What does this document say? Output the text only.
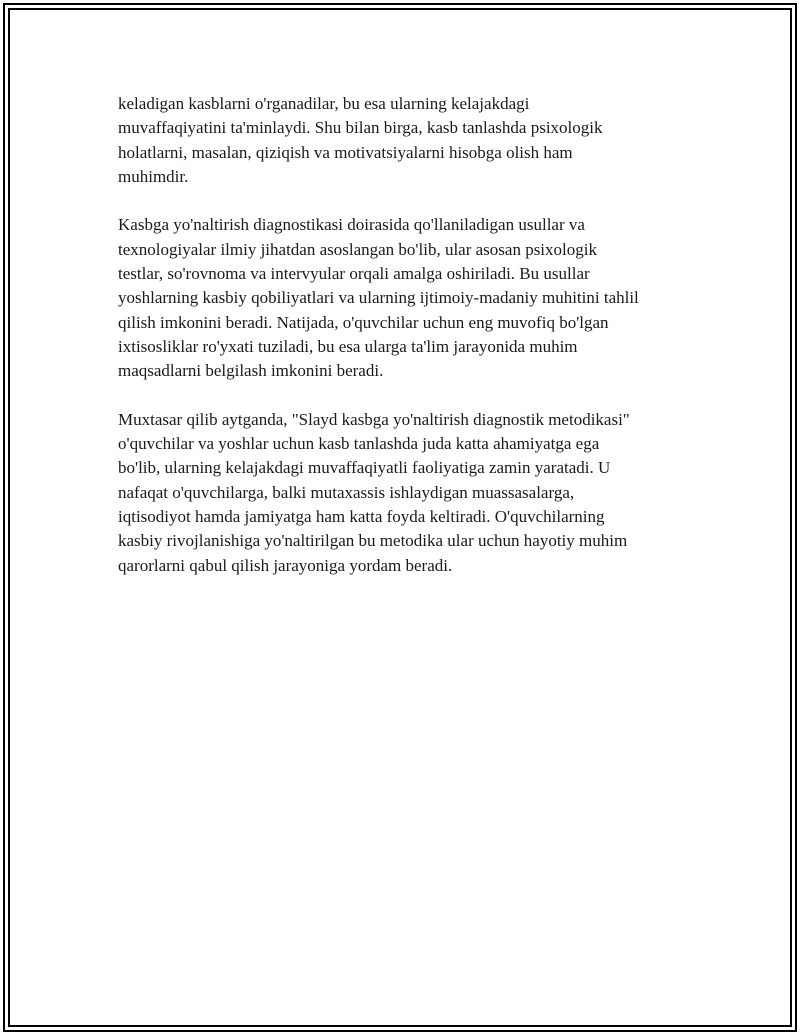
keladigan kasblarni o'rganadilar, bu esa ularning kelajakdagi
muvaffaqiyatini ta'minlaydi. Shu bilan birga, kasb tanlashda psixologik
holatlarni, masalan, qiziqish va motivatsiyalarni hisobga olish ham
muhimdir.

Kasbga yo'naltirish diagnostikasi doirasida qo'llaniladigan usullar va
texnologiyalar ilmiy jihatdan asoslangan bo'lib, ular asosan psixologik
testlar, so'rovnoma va intervyular orqali amalga oshiriladi. Bu usullar
yoshlarning kasbiy qobiliyatlari va ularning ijtimoiy-madaniy muhitini tahlil
qilish imkonini beradi. Natijada, o'quvchilar uchun eng muvofiq bo'lgan
ixtisosliklar ro'yxati tuziladi, bu esa ularga ta'lim jarayonida muhim
maqsadlarni belgilash imkonini beradi.

Muxtasar qilib aytganda, "Slayd kasbga yo'naltirish diagnostik metodikasi"
o'quvchilar va yoshlar uchun kasb tanlashda juda katta ahamiyatga ega
bo'lib, ularning kelajakdagi muvaffaqiyatli faoliyatiga zamin yaratadi. U
nafaqat o'quvchilarga, balki mutaxassis ishlaydigan muassasalarga,
iqtisodiyot hamda jamiyatga ham katta foyda keltiradi. O'quvchilarning
kasbiy rivojlanishiga yo'naltirilgan bu metodika ular uchun hayotiy muhim
qarorlarni qabul qilish jarayoniga yordam beradi.
